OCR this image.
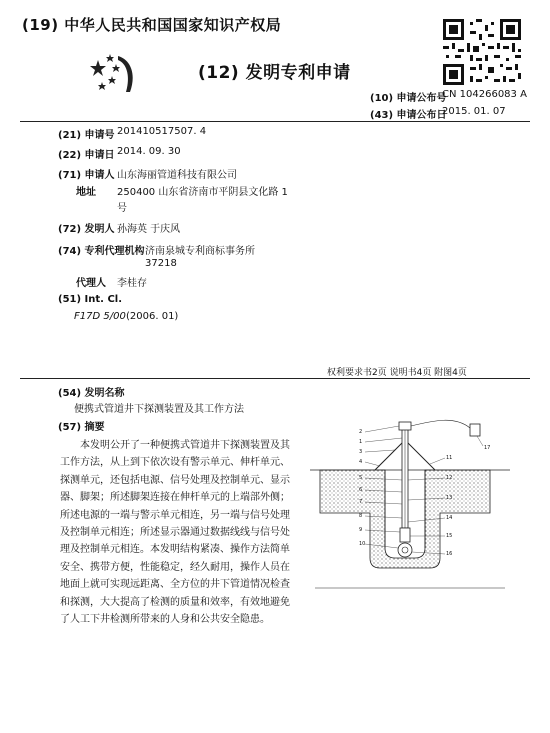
(19) 中华人民共和国国家知识产权局
(12) 发明专利申请
(10) 申请公布号
CN 104266083 A
(43) 申请公布日
2015. 01. 07
(21) 申请号 201410517507. 4
(22) 申请日 2014. 09. 30
(71) 申请人 山东海丽管道科技有限公司
地址 250400 山东省济南市平阴县文化路 1
号
(72) 发明人 孙海英 于庆风
(74) 专利代理机构 济南泉城专利商标事务所
37218
代理人 李桂存
(51) Int. Cl.
F17D 5/00 (2006. 01)
权利要求书2页 说明书4页 附图4页
(54) 发明名称
便携式管道井下探测装置及其工作方法
(57) 摘要

本发明公开了一种便携式管道井下探测装置及其工作方法，从上到下依次设有警示单元、伸杆单元、探测单元，还包括电源、信号处理及控制单元、显示器、脚架；所述脚架连接在伸杆单元的上端部外侧；所述电源的一端与警示单元相连，另一端与信号处理及控制单元相连；所述显示器通过数据线线与信号处理及控制单元相连。本发明结构紧凑、操作方法简单安全、携带方便，性能稳定，经久耐用，操作人员在地面上就可实现远距离、全方位的井下管道情况检查和探测，大大提高了检测的质量和效率，有效地避免了人工下井检测所带来的人身和公共安全隐患。

2
1
3
4
5
6
7
8
9
10
11
12
13
14
15
16
17
